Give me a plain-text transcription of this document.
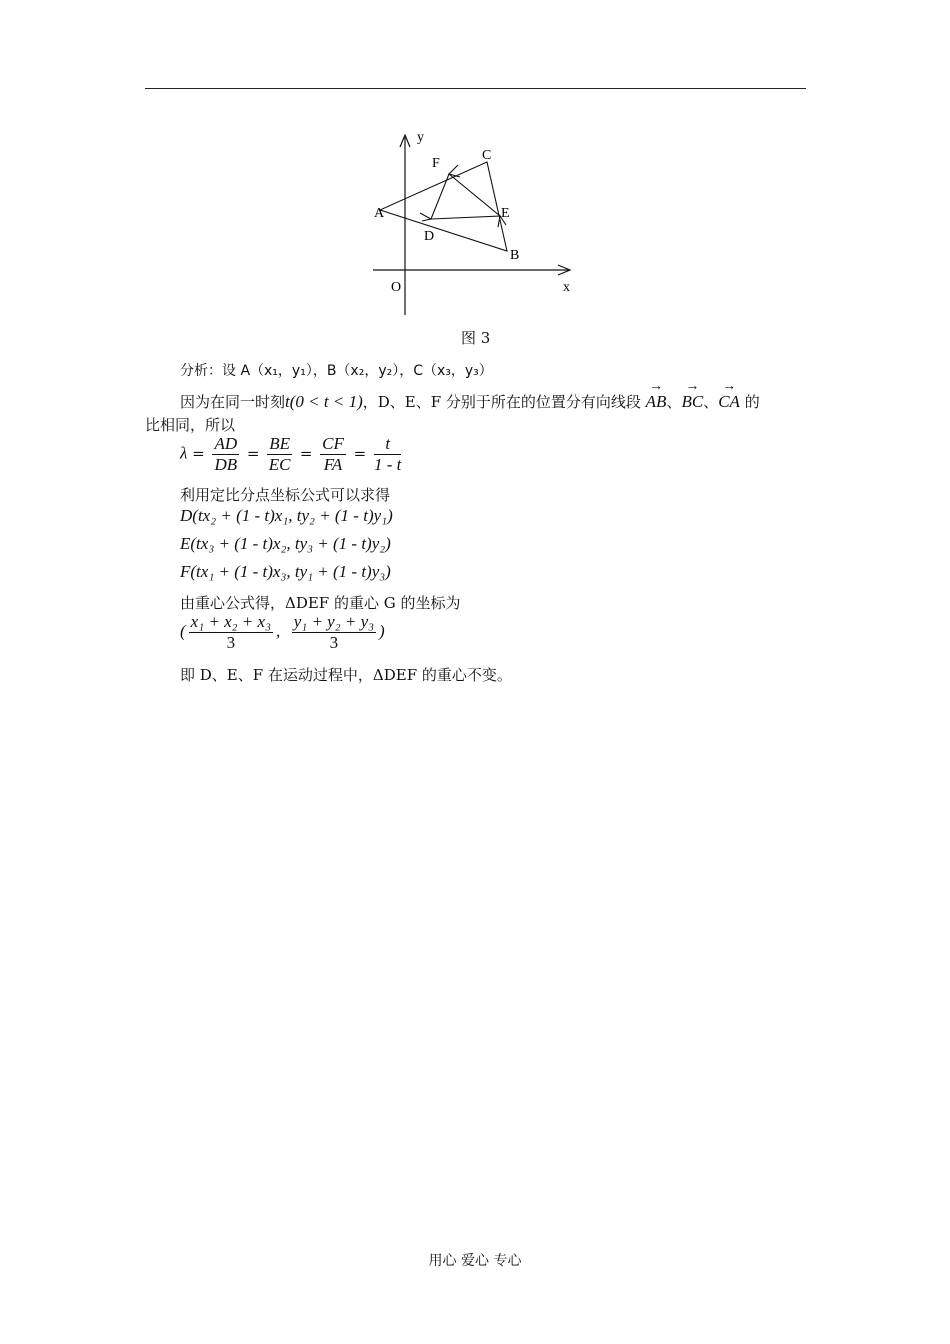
y
x
O
A
B
C
D
E
F
图 3
分析：设 A（x₁，y₁），B（x₂，y₂），C（x₃，y₃）
因为在同一时刻t(0 < t < 1)，D、E、F 分别于所在的位置分有向线段 → AB、→ BC、→ CA 的
比相同，所以
$\lambda = \frac{AD}{DB} = \frac{BE}{EC} = \frac{CF}{FA} = \frac{t}{1 - t}$
利用定比分点坐标公式可以求得
D(tx₂ + (1 - t)x₁, ty₂ + (1 - t)y₁)
E(tx₃ + (1 - t)x₂, ty₃ + (1 - t)y₂)
F(tx₁ + (1 - t)x₃, ty₁ + (1 - t)y₃)
由重心公式得，ΔDEF 的重心 G 的坐标为
( $\frac{\text{x₁ + x₂ + x₃}}{3}$ , $\frac{\text{y₁ + y₂ + y₃}}{3}$ )
即 D、E、F 在运动过程中，ΔDEF 的重心不变。
用心 爱心 专心
